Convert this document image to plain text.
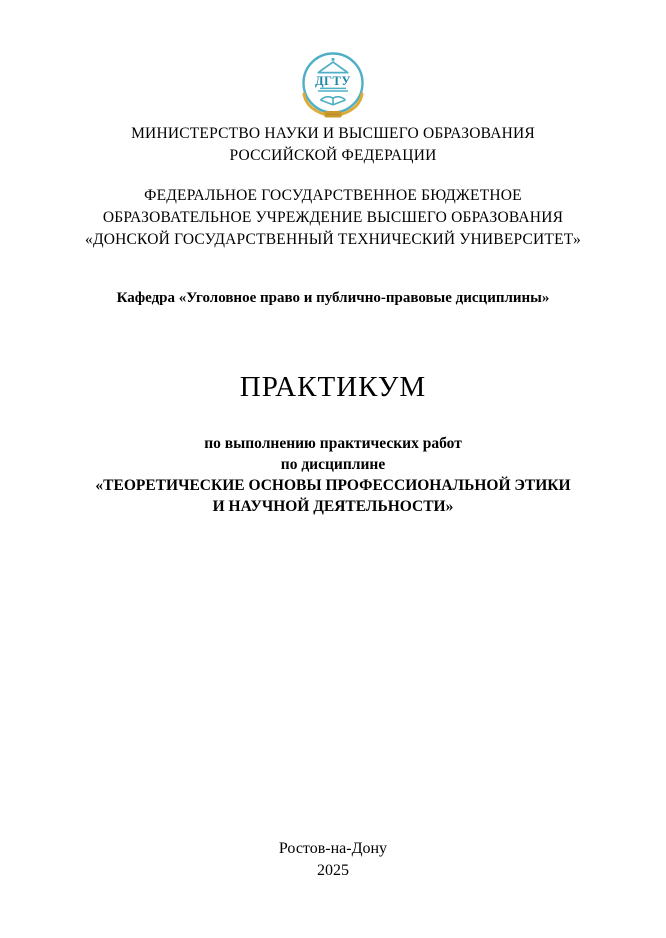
ДГТУ
МИНИСТЕРСТВО НАУКИ И ВЫСШЕГО ОБРАЗОВАНИЯ
РОССИЙСКОЙ ФЕДЕРАЦИИ
ФЕДЕРАЛЬНОЕ ГОСУДАРСТВЕННОЕ БЮДЖЕТНОЕ
ОБРАЗОВАТЕЛЬНОЕ УЧРЕЖДЕНИЕ ВЫСШЕГО ОБРАЗОВАНИЯ
«ДОНСКОЙ ГОСУДАРСТВЕННЫЙ ТЕХНИЧЕСКИЙ УНИВЕРСИТЕТ»
Кафедра «Уголовное право и публично-правовые дисциплины»
ПРАКТИКУМ
по выполнению практических работ
по дисциплине
«ТЕОРЕТИЧЕСКИЕ ОСНОВЫ ПРОФЕССИОНАЛЬНОЙ ЭТИКИ
И НАУЧНОЙ ДЕЯТЕЛЬНОСТИ»
Ростов-на-Дону
2025
